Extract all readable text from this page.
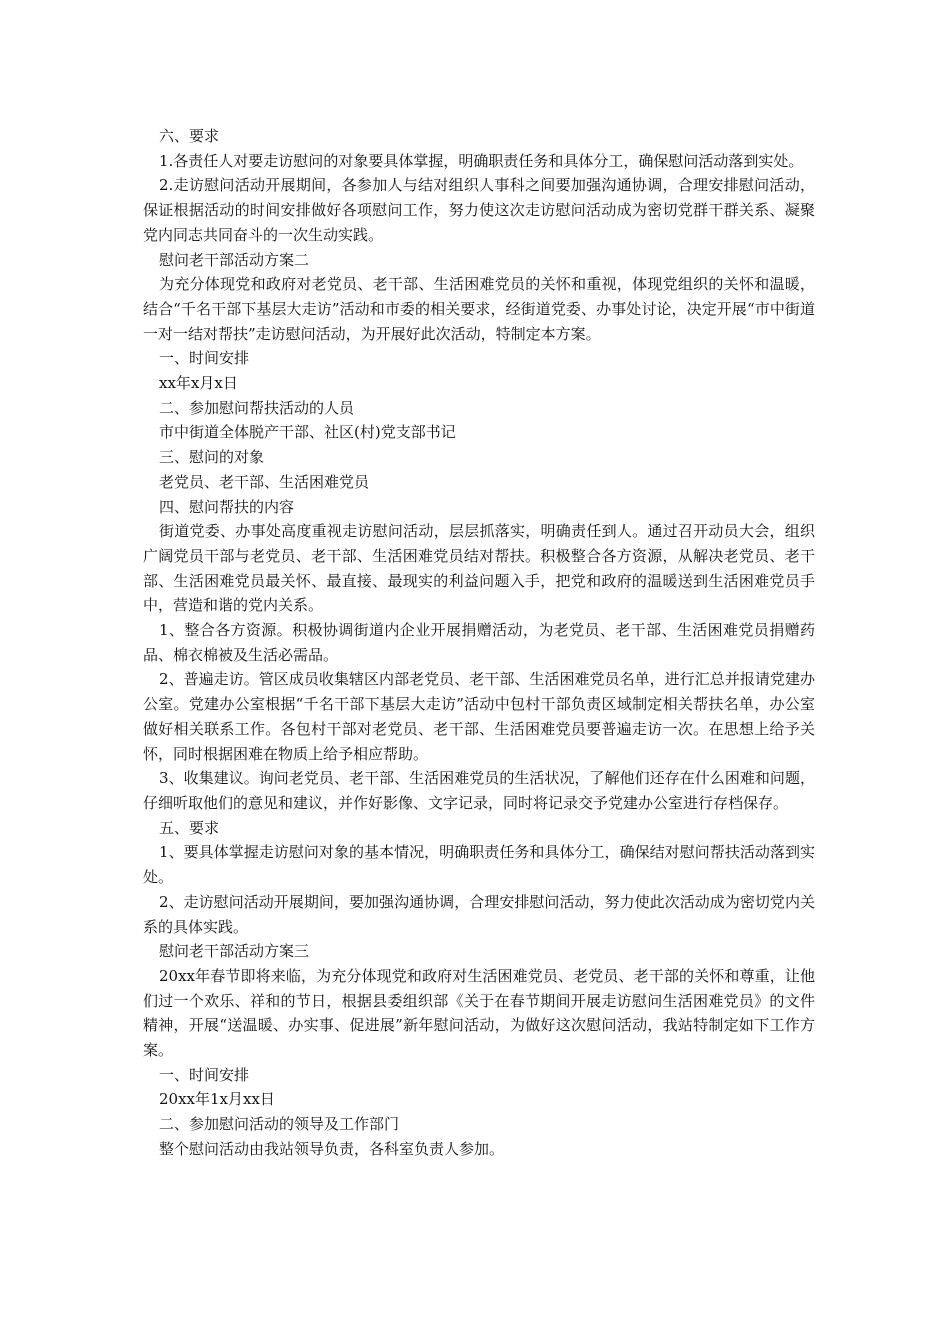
六、要求

1.各责任人对要走访慰问的对象要具体掌握，明确职责任务和具体分工，确保慰问活动落到实处。

2.走访慰问活动开展期间，各参加人与结对组织人事科之间要加强沟通协调，合理安排慰问活动，保证根据活动的时间安排做好各项慰问工作，努力使这次走访慰问活动成为密切党群干群关系、凝聚党内同志共同奋斗的一次生动实践。

慰问老干部活动方案二

为充分体现党和政府对老党员、老干部、生活困难党员的关怀和重视，体现党组织的关怀和温暖，结合“千名干部下基层大走访”活动和市委的相关要求，经街道党委、办事处讨论，决定开展“市中街道一对一结对帮扶”走访慰问活动，为开展好此次活动，特制定本方案。

一、时间安排

xx年x月x日

二、参加慰问帮扶活动的人员

市中街道全体脱产干部、社区(村)党支部书记

三、慰问的对象

老党员、老干部、生活困难党员

四、慰问帮扶的内容

街道党委、办事处高度重视走访慰问活动，层层抓落实，明确责任到人。通过召开动员大会，组织广阔党员干部与老党员、老干部、生活困难党员结对帮扶。积极整合各方资源，从解决老党员、老干部、生活困难党员最关怀、最直接、最现实的利益问题入手，把党和政府的温暖送到生活困难党员手中，营造和谐的党内关系。

1、整合各方资源。积极协调街道内企业开展捐赠活动，为老党员、老干部、生活困难党员捐赠药品、棉衣棉被及生活必需品。

2、普遍走访。管区成员收集辖区内部老党员、老干部、生活困难党员名单，进行汇总并报请党建办公室。党建办公室根据“千名干部下基层大走访”活动中包村干部负责区域制定相关帮扶名单，办公室做好相关联系工作。各包村干部对老党员、老干部、生活困难党员要普遍走访一次。在思想上给予关怀，同时根据困难在物质上给予相应帮助。

3、收集建议。询问老党员、老干部、生活困难党员的生活状况，了解他们还存在什么困难和问题，仔细听取他们的意见和建议，并作好影像、文字记录，同时将记录交予党建办公室进行存档保存。

五、要求

1、要具体掌握走访慰问对象的基本情况，明确职责任务和具体分工，确保结对慰问帮扶活动落到实处。

2、走访慰问活动开展期间，要加强沟通协调，合理安排慰问活动，努力使此次活动成为密切党内关系的具体实践。

慰问老干部活动方案三

20xx年春节即将来临，为充分体现党和政府对生活困难党员、老党员、老干部的关怀和尊重，让他们过一个欢乐、祥和的节日，根据县委组织部《关于在春节期间开展走访慰问生活困难党员》的文件精神，开展“送温暖、办实事、促进展”新年慰问活动，为做好这次慰问活动，我站特制定如下工作方案。

一、时间安排

20xx年1x月xx日

二、参加慰问活动的领导及工作部门

整个慰问活动由我站领导负责，各科室负责人参加。
